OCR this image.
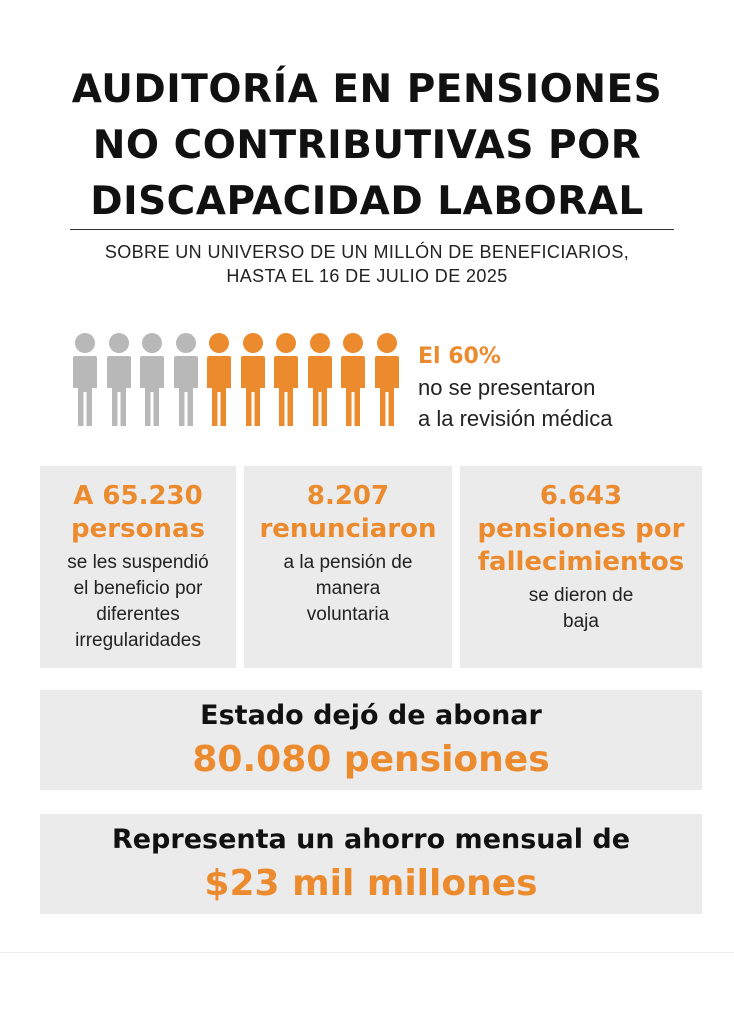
AUDITORÍA EN PENSIONES
NO CONTRIBUTIVAS POR
DISCAPACIDAD LABORAL
SOBRE UN UNIVERSO DE UN MILLÓN DE BENEFICIARIOS,
HASTA EL 16 DE JULIO DE 2025
El 60%
no se presentaron
a la revisión médica
A 65.230
personas
se les suspendió
el beneficio por
diferentes
irregularidades
8.207
renunciaron
a la pensión de
manera
voluntaria
6.643
pensiones por
fallecimientos
se dieron de
baja
Estado dejó de abonar
80.080 pensiones
Representa un ahorro mensual de
$23 mil millones
